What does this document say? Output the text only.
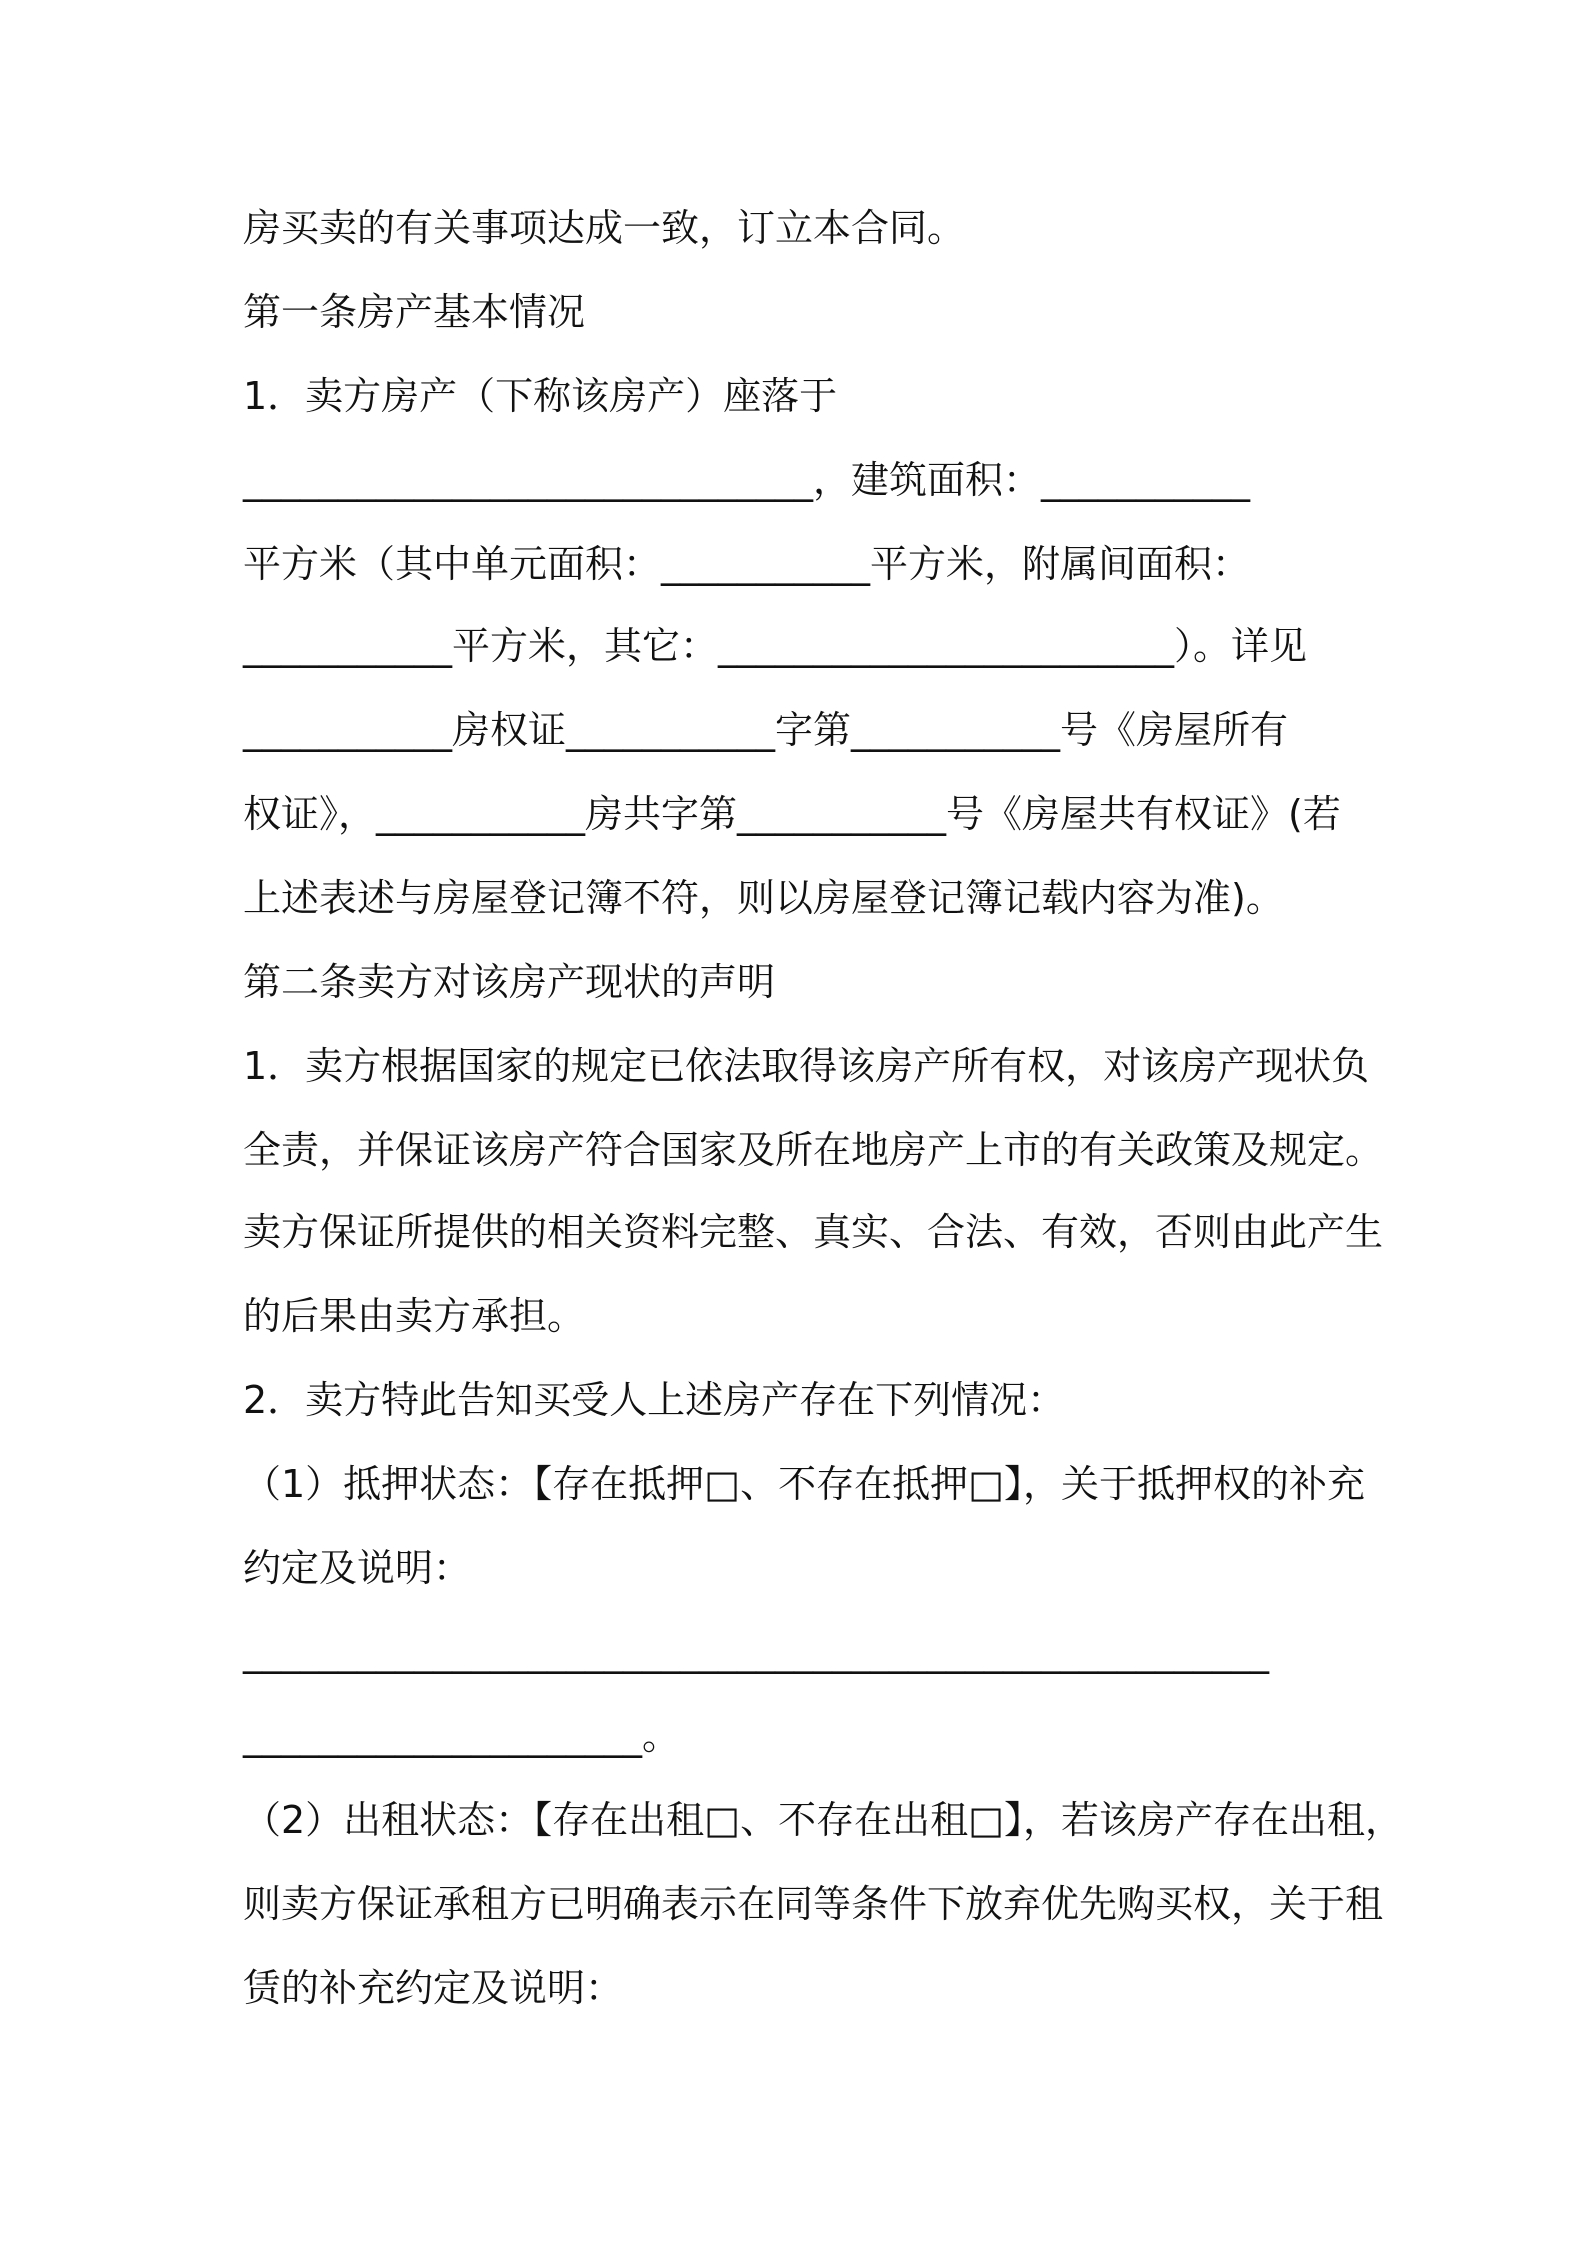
房买卖的有关事项达成一致，订立本合同。
第一条房产基本情况
1．卖方房产（下称该房产）座落于
______________________________，建筑面积：___________
平方米（其中单元面积：___________平方米，附属间面积：
___________平方米，其它：________________________）。详见
___________房权证___________字第___________号《房屋所有
权证》，___________房共字第___________号《房屋共有权证》(若
上述表述与房屋登记簿不符，则以房屋登记簿记载内容为准)。
第二条卖方对该房产现状的声明
1．卖方根据国家的规定已依法取得该房产所有权，对该房产现状负
全责，并保证该房产符合国家及所在地房产上市的有关政策及规定。
卖方保证所提供的相关资料完整、真实、合法、有效，否则由此产生
的后果由卖方承担。
2．卖方特此告知买受人上述房产存在下列情况：
（1）抵押状态：【存在抵押□、不存在抵押□】，关于抵押权的补充
约定及说明：
______________________________________________________
_____________________。
（2）出租状态：【存在出租□、不存在出租□】，若该房产存在出租，
则卖方保证承租方已明确表示在同等条件下放弃优先购买权，关于租
赁的补充约定及说明：
